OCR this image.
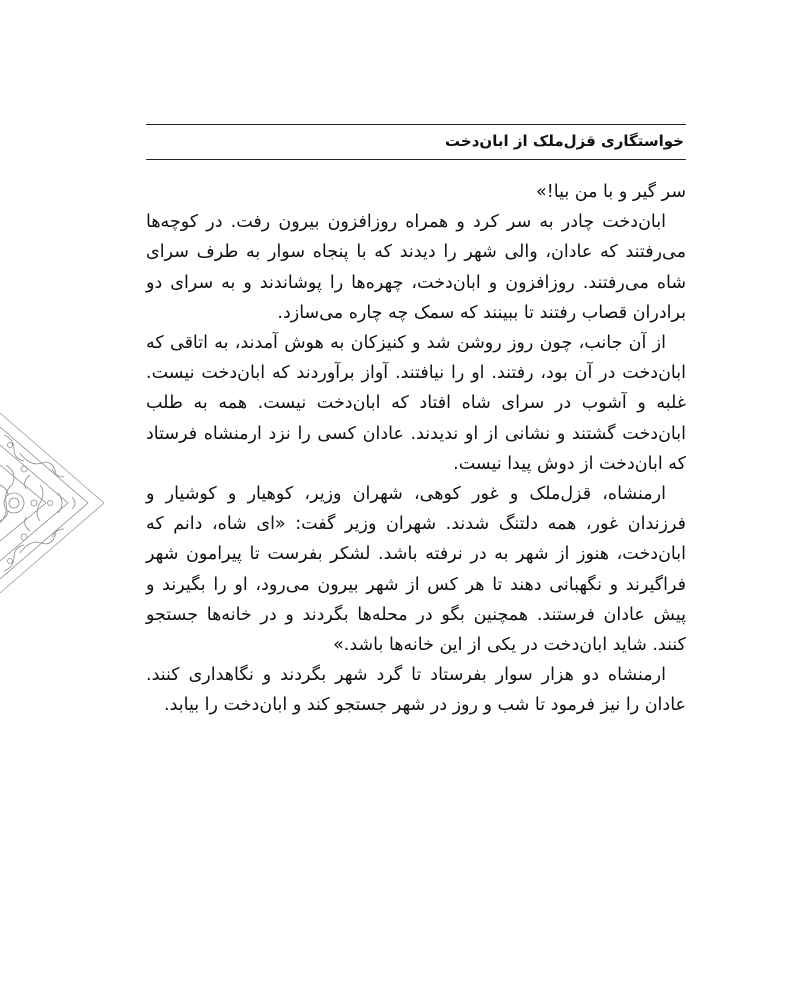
خواستگاری قزل‌ملک از ابان‌دخت

سر گیر و با من بیا!»

ابان‌دخت چادر به سر کرد و همراه روزافزون بیرون رفت. در کوچه‌ها می‌رفتند که عادان، والی شهر را دیدند که با پنجاه سوار به طرف سرای شاه می‌رفتند. روزافزون و ابان‌دخت، چهره‌ها را پوشاندند و به سرای دو برادران قصاب رفتند تا ببینند که سمک چه چاره می‌سازد.

از آن جانب، چون روز روشن شد و کنیزکان به هوش آمدند، به اتاقی که ابان‌دخت در آن بود، رفتند. او را نیافتند. آواز برآوردند که ابان‌دخت نیست. غلبه و آشوب در سرای شاه افتاد که ابان‌دخت نیست. همه به طلب ابان‌دخت گشتند و نشانی از او ندیدند. عادان کسی را نزد ارمنشاه فرستاد که ابان‌دخت از دوش پیدا نیست.

ارمنشاه، قزل‌ملک و غور کوهی، شهران وزیر، کوهیار و کوشیار و فرزندان غور، همه دلتنگ شدند. شهران وزیر گفت: «ای شاه، دانم که ابان‌دخت، هنوز از شهر به در نرفته باشد. لشکر بفرست تا پیرامون شهر فراگیرند و نگهبانی دهند تا هر کس از شهر بیرون می‌رود، او را بگیرند و پیش عادان فرستند. همچنین بگو در محله‌ها بگردند و در خانه‌ها جستجو کنند. شاید ابان‌دخت در یکی از این خانه‌ها باشد.»

ارمنشاه دو هزار سوار بفرستاد تا گرد شهر بگردند و نگاهداری کنند. عادان را نیز فرمود تا شب و روز در شهر جستجو کند و ابان‌دخت را بیابد.
